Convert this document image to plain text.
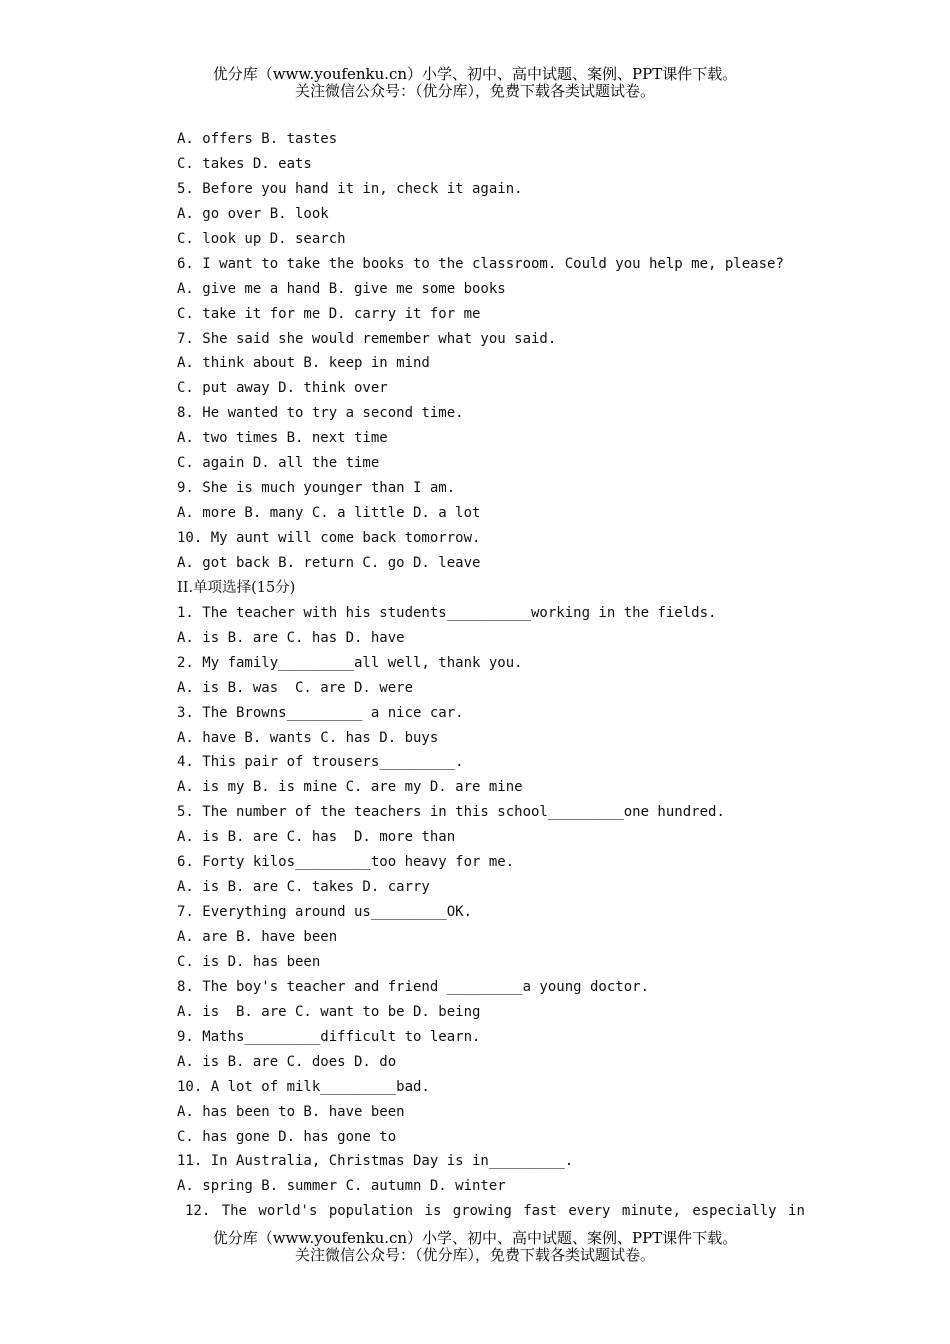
优分库（www.youfenku.cn）小学、初中、高中试题、案例、PPT课件下载。
关注微信公众号：（优分库），免费下载各类试题试卷。
A. offers B. tastes
C. takes D. eats
5. Before you hand it in, check it again.
A. go over B. look
C. look up D. search
6. I want to take the books to the classroom. Could you help me, please?
A. give me a hand B. give me some books
C. take it for me D. carry it for me
7. She said she would remember what you said.
A. think about B. keep in mind
C. put away D. think over
8. He wanted to try a second time.
A. two times B. next time
C. again D. all the time
9. She is much younger than I am.
A. more B. many C. a little D. a lot
10. My aunt will come back tomorrow.
A. got back B. return C. go D. leave
II.单项选择(15分)
1. The teacher with his students__________working in the fields.
A. is B. are C. has D. have
2. My family_________all well, thank you.
A. is B. was  C. are D. were
3. The Browns_________ a nice car.
A. have B. wants C. has D. buys
4. This pair of trousers_________.
A. is my B. is mine C. are my D. are mine
5. The number of the teachers in this school_________one hundred.
A. is B. are C. has  D. more than
6. Forty kilos_________too heavy for me.
A. is B. are C. takes D. carry
7. Everything around us_________OK.
A. are B. have been
C. is D. has been
8. The boy's teacher and friend _________a young doctor.
A. is  B. are C. want to be D. being
9. Maths_________difficult to learn.
A. is B. are C. does D. do
10. A lot of milk_________bad.
A. has been to B. have been
C. has gone D. has gone to
11. In Australia, Christmas Day is in_________.
A. spring B. summer C. autumn D. winter
12. The world's population is growing fast every minute, especially in
优分库（www.youfenku.cn）小学、初中、高中试题、案例、PPT课件下载。
关注微信公众号：（优分库），免费下载各类试题试卷。
